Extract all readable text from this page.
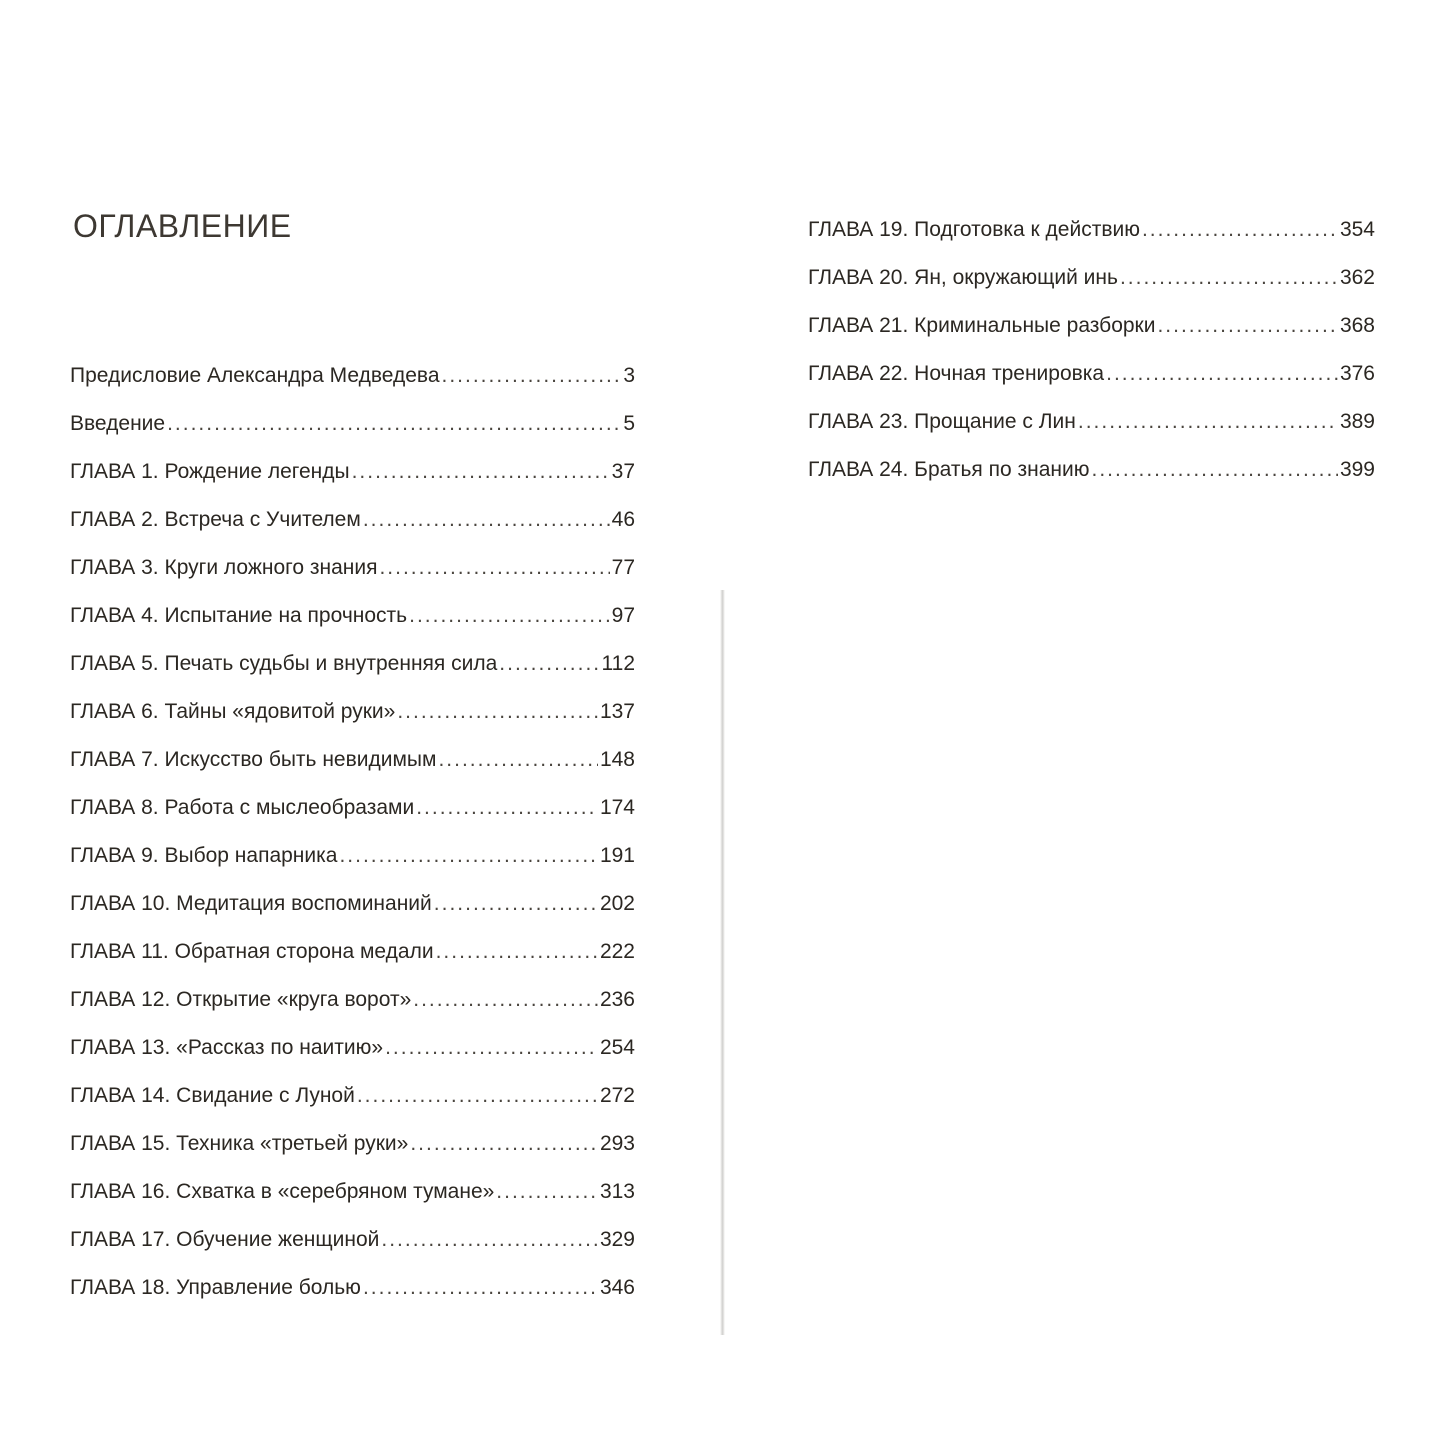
ОГЛАВЛЕНИЕ
Предисловие Александра Медведева .....	3
Введение .....	5
ГЛАВА 1. Рождение легенды .....	37
ГЛАВА 2. Встреча с Учителем .....	46
ГЛАВА 3. Круги ложного знания .....	77
ГЛАВА 4. Испытание на прочность .....	97
ГЛАВА 5. Печать судьбы и внутренняя сила .....	112
ГЛАВА 6. Тайны «ядовитой руки» .....	137
ГЛАВА 7. Искусство быть невидимым .....	148
ГЛАВА 8. Работа с мыслеобразами .....	174
ГЛАВА 9. Выбор напарника .....	191
ГЛАВА 10. Медитация воспоминаний .....	202
ГЛАВА 11. Обратная сторона медали .....	222
ГЛАВА 12. Открытие «круга ворот» .....	236
ГЛАВА 13. «Рассказ по наитию» .....	254
ГЛАВА 14. Свидание с Луной .....	272
ГЛАВА 15. Техника «третьей руки» .....	293
ГЛАВА 16. Схватка в «серебряном тумане» .....	313
ГЛАВА 17. Обучение женщиной .....	329
ГЛАВА 18. Управление болью .....	346
ГЛАВА 19. Подготовка к действию .....	354
ГЛАВА 20. Ян, окружающий инь .....	362
ГЛАВА 21. Криминальные разборки .....	368
ГЛАВА 22. Ночная тренировка .....	376
ГЛАВА 23. Прощание с Лин .....	389
ГЛАВА 24. Братья по знанию .....	399
